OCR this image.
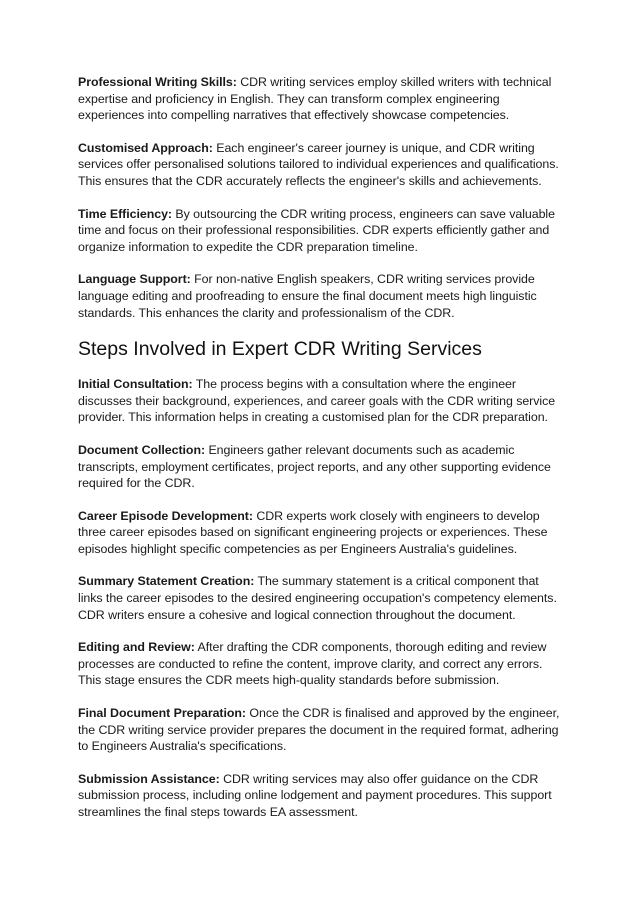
Professional Writing Skills: CDR writing services employ skilled writers with technical expertise and proficiency in English. They can transform complex engineering experiences into compelling narratives that effectively showcase competencies.

Customised Approach: Each engineer's career journey is unique, and CDR writing services offer personalised solutions tailored to individual experiences and qualifications. This ensures that the CDR accurately reflects the engineer's skills and achievements.

Time Efficiency: By outsourcing the CDR writing process, engineers can save valuable time and focus on their professional responsibilities. CDR experts efficiently gather and organize information to expedite the CDR preparation timeline.

Language Support: For non-native English speakers, CDR writing services provide language editing and proofreading to ensure the final document meets high linguistic standards. This enhances the clarity and professionalism of the CDR.

Steps Involved in Expert CDR Writing Services

Initial Consultation: The process begins with a consultation where the engineer discusses their background, experiences, and career goals with the CDR writing service provider. This information helps in creating a customised plan for the CDR preparation.

Document Collection: Engineers gather relevant documents such as academic transcripts, employment certificates, project reports, and any other supporting evidence required for the CDR.

Career Episode Development: CDR experts work closely with engineers to develop three career episodes based on significant engineering projects or experiences. These episodes highlight specific competencies as per Engineers Australia's guidelines.

Summary Statement Creation: The summary statement is a critical component that links the career episodes to the desired engineering occupation's competency elements. CDR writers ensure a cohesive and logical connection throughout the document.

Editing and Review: After drafting the CDR components, thorough editing and review processes are conducted to refine the content, improve clarity, and correct any errors. This stage ensures the CDR meets high-quality standards before submission.

Final Document Preparation: Once the CDR is finalised and approved by the engineer, the CDR writing service provider prepares the document in the required format, adhering to Engineers Australia's specifications.

Submission Assistance: CDR writing services may also offer guidance on the CDR submission process, including online lodgement and payment procedures. This support streamlines the final steps towards EA assessment.
